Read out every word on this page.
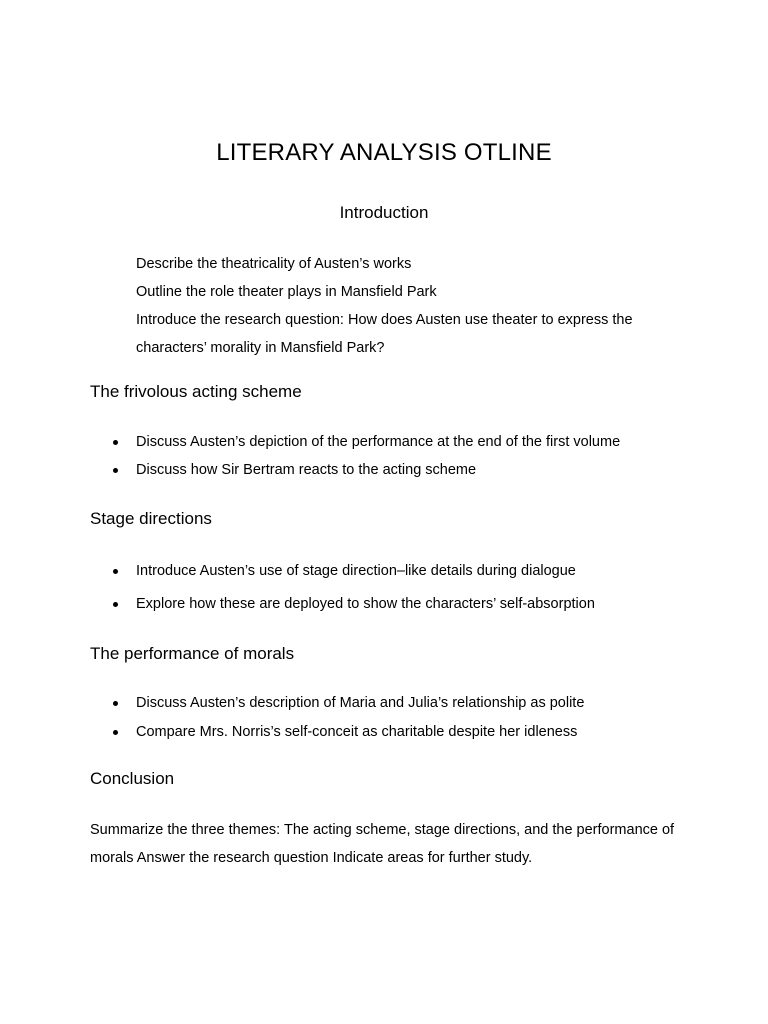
LITERARY ANALYSIS OTLINE
Introduction
Describe the theatricality of Austen’s works
Outline the role theater plays in Mansfield Park
Introduce the research question: How does Austen use theater to express the
characters’ morality in Mansfield Park?
The frivolous acting scheme
Discuss Austen’s depiction of the performance at the end of the first volume
Discuss how Sir Bertram reacts to the acting scheme
Stage directions
Introduce Austen’s use of stage direction–like details during dialogue
Explore how these are deployed to show the characters’ self-absorption
The performance of morals
Discuss Austen’s description of Maria and Julia’s relationship as polite
Compare Mrs. Norris’s self-conceit as charitable despite her idleness
Conclusion

Summarize the three themes: The acting scheme, stage directions, and the performance of morals Answer the research question Indicate areas for further study.
